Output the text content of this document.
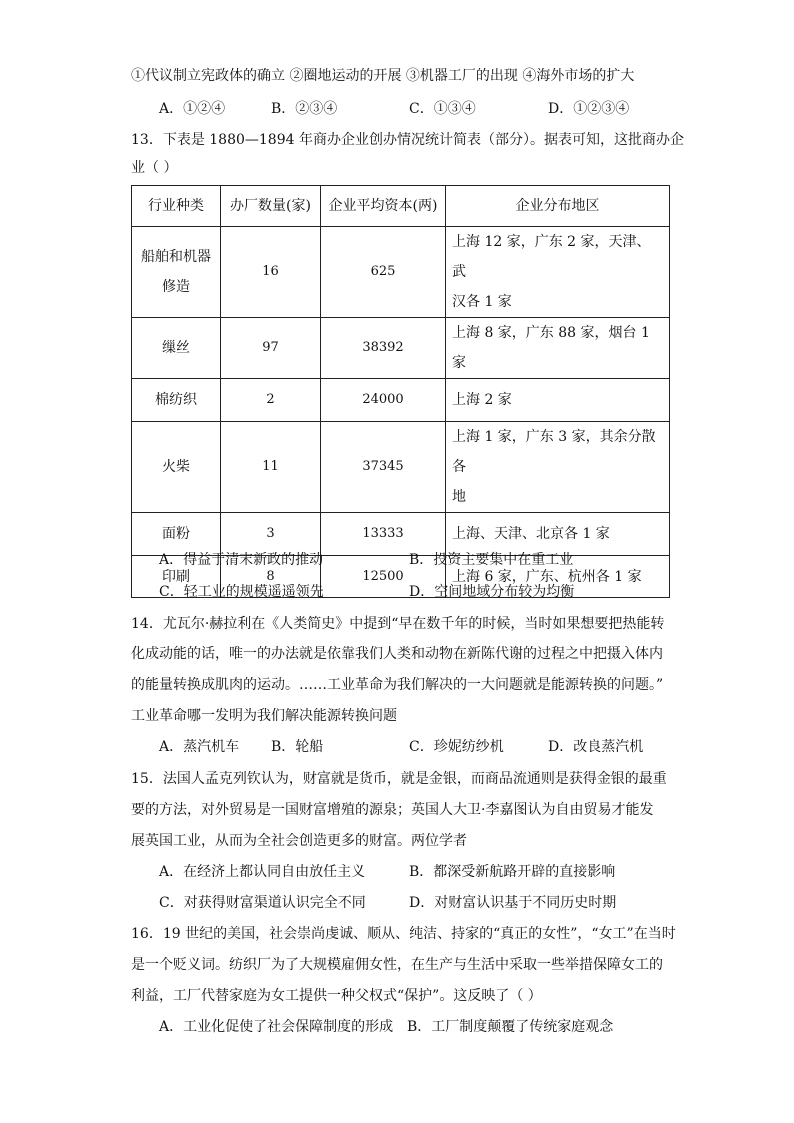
①代议制立宪政体的确立 ②圈地运动的开展 ③机器工厂的出现 ④海外市场的扩大
A．①②④	B．②③④	C．①③④	D．①②③④
13．下表是 1880—1894 年商办企业创办情况统计简表（部分）。据表可知，这批商办企
业（ ）
行业种类	办厂数量(家)	企业平均资本(两)	企业分布地区
船舶和机器
修造	16	625	上海 12 家，广东 2 家，天津、武
汉各 1 家
缫丝	97	38392	上海 8 家，广东 88 家，烟台 1 家
棉纺织	2	24000	上海 2 家
火柴	11	37345	上海 1 家，广东 3 家，其余分散各
地
面粉	3	13333	上海、天津、北京各 1 家
印刷	8	12500	上海 6 家，广东、杭州各 1 家
A．得益于清末新政的推动	B．投资主要集中在重工业
C．轻工业的规模遥遥领先	D．空间地域分布较为均衡
14．尤瓦尔·赫拉利在《人类简史》中提到“早在数千年的时候，当时如果想要把热能转
化成动能的话，唯一的办法就是依靠我们人类和动物在新陈代谢的过程之中把摄入体内
的能量转换成肌肉的运动。……工业革命为我们解决的一大问题就是能源转换的问题。”
工业革命哪一发明为我们解决能源转换问题
A．蒸汽机车 B．轮船	C．珍妮纺纱机	D．改良蒸汽机
15．法国人孟克列钦认为，财富就是货币，就是金银，而商品流通则是获得金银的最重
要的方法，对外贸易是一国财富增殖的源泉；英国人大卫·李嘉图认为自由贸易才能发
展英国工业，从而为全社会创造更多的财富。两位学者
A．在经济上都认同自由放任主义	B．都深受新航路开辟的直接影响
C．对获得财富渠道认识完全不同	D．对财富认识基于不同历史时期
16．19 世纪的美国，社会崇尚虔诚、顺从、纯洁、持家的“真正的女性”，“女工”在当时
是一个贬义词。纺织厂为了大规模雇佣女性，在生产与生活中采取一些举措保障女工的
利益，工厂代替家庭为女工提供一种父权式“保护”。这反映了（ ）
A．工业化促使了社会保障制度的形成 B．工厂制度颠覆了传统家庭观念
